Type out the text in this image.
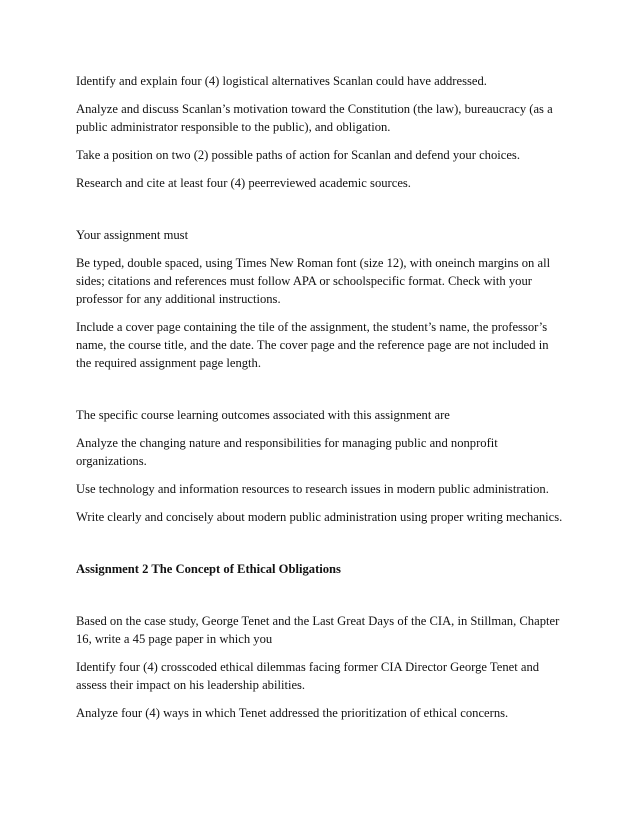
Identify and explain four (4) logistical alternatives Scanlan could have addressed.

Analyze and discuss Scanlan’s motivation toward the Constitution (the law), bureaucracy (as a public administrator responsible to the public), and obligation.

Take a position on two (2) possible paths of action for Scanlan and defend your choices.

Research and cite at least four (4) peerreviewed academic sources.

Your assignment must

Be typed, double spaced, using Times New Roman font (size 12), with oneinch margins on all sides; citations and references must follow APA or schoolspecific format. Check with your professor for any additional instructions.

Include a cover page containing the tile of the assignment, the student’s name, the professor’s name, the course title, and the date. The cover page and the reference page are not included in the required assignment page length.

The specific course learning outcomes associated with this assignment are

Analyze the changing nature and responsibilities for managing public and nonprofit organizations.

Use technology and information resources to research issues in modern public administration.

Write clearly and concisely about modern public administration using proper writing mechanics.

Assignment 2 The Concept of Ethical Obligations

Based on the case study, George Tenet and the Last Great Days of the CIA, in Stillman, Chapter 16, write a 45 page paper in which you

Identify four (4) crosscoded ethical dilemmas facing former CIA Director George Tenet and assess their impact on his leadership abilities.

Analyze four (4) ways in which Tenet addressed the prioritization of ethical concerns.
